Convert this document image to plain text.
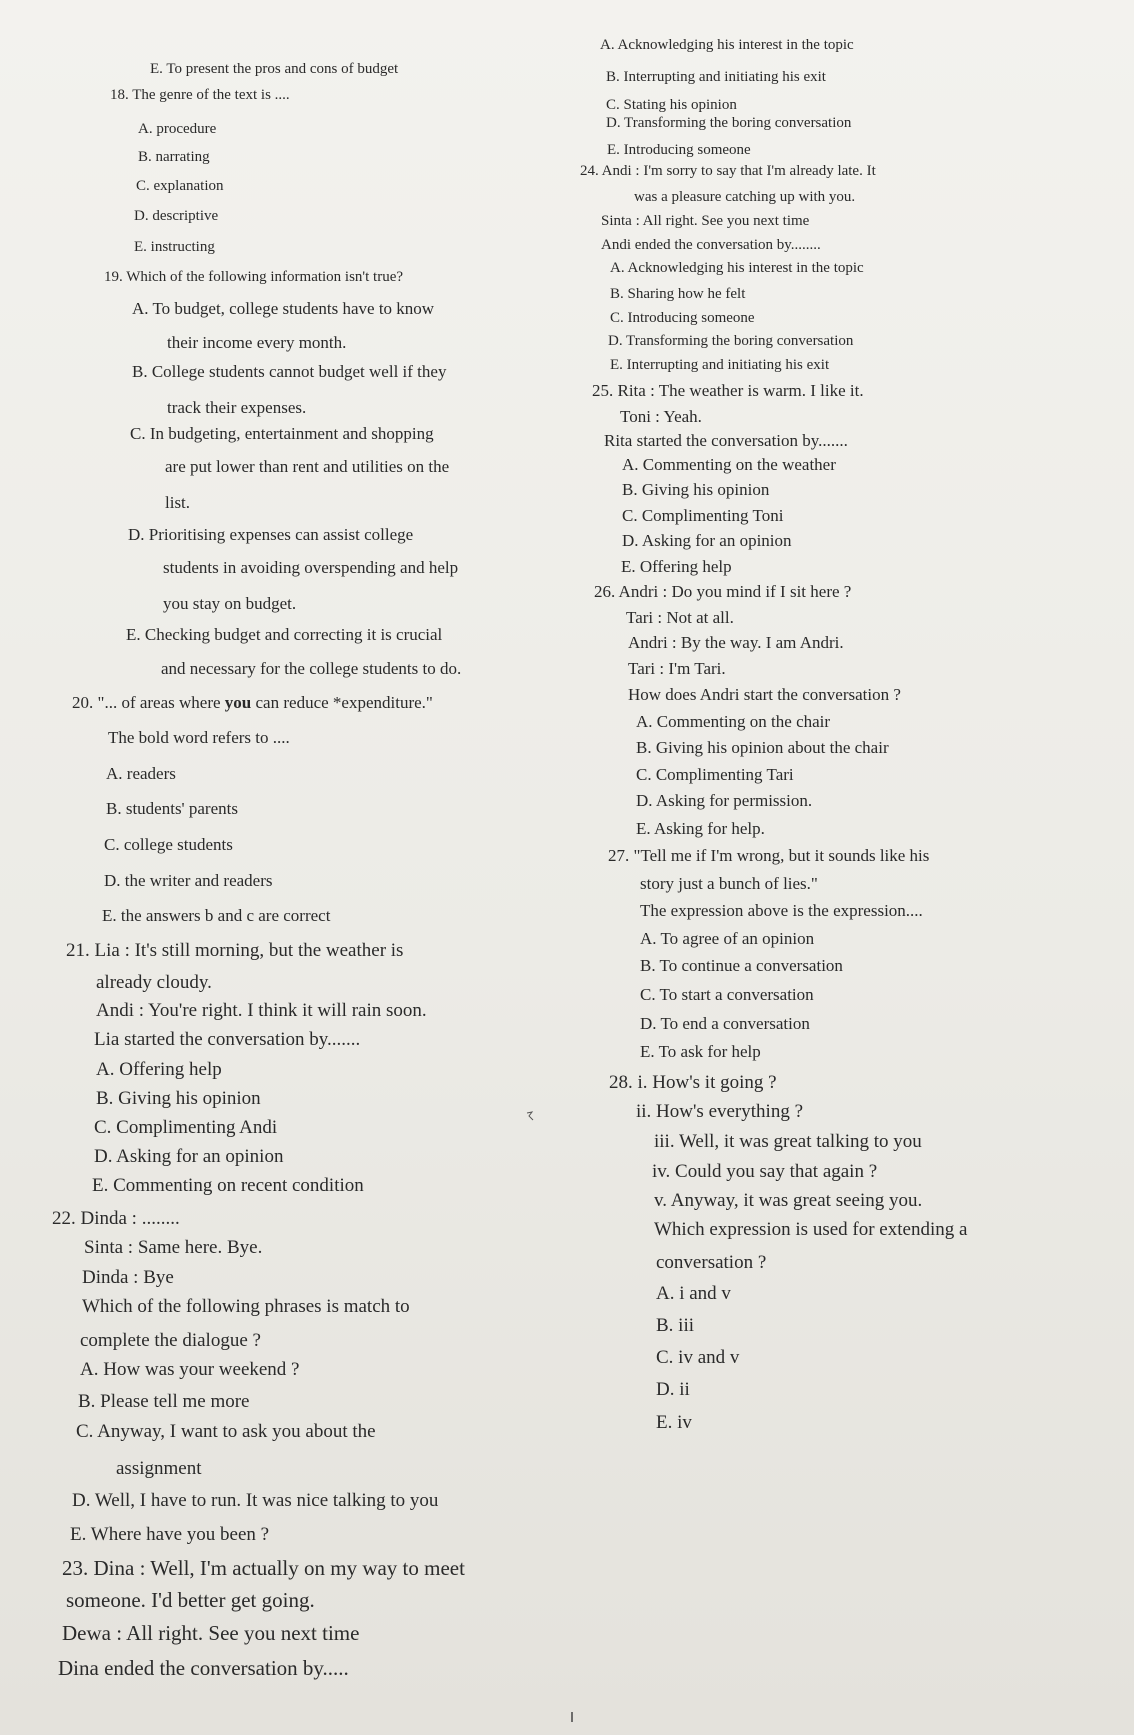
E. To present the pros and cons of budget
18. The genre of the text is ....
A. procedure
B. narrating
C. explanation
D. descriptive
E. instructing
19. Which of the following information isn't true?
A. To budget, college students have to know
their income every month.
B. College students cannot budget well if they
track their expenses.
C. In budgeting, entertainment and shopping
are put lower than rent and utilities on the
list.
D. Prioritising expenses can assist college
students in avoiding overspending and help
you stay on budget.
E. Checking budget and correcting it is crucial
and necessary for the college students to do.
20. "... of areas where you can reduce *expenditure."
The bold word refers to ....
A. readers
B. students' parents
C. college students
D. the writer and readers
E. the answers b and c are correct
21. Lia : It's still morning, but the weather is
already cloudy.
Andi : You're right. I think it will rain soon.
Lia started the conversation by.......
A. Offering help
B. Giving his opinion
C. Complimenting Andi
D. Asking for an opinion
E. Commenting on recent condition
22. Dinda : ........
Sinta : Same here. Bye.
Dinda : Bye
Which of the following phrases is match to
complete the dialogue ?
A. How was your weekend ?
B. Please tell me more
C. Anyway, I want to ask you about the
assignment
D. Well, I have to run. It was nice talking to you
E. Where have you been ?
23. Dina : Well, I'm actually on my way to meet
someone. I'd better get going.
Dewa : All right. See you next time
Dina ended the conversation by.....
A. Acknowledging his interest in the topic
B. Interrupting and initiating his exit
C. Stating his opinion
D. Transforming the boring conversation
E. Introducing someone
24. Andi : I'm sorry to say that I'm already late. It
was a pleasure catching up with you.
Sinta : All right. See you next time
Andi ended the conversation by........
A. Acknowledging his interest in the topic
B. Sharing how he felt
C. Introducing someone
D. Transforming the boring conversation
E. Interrupting and initiating his exit
25. Rita : The weather is warm. I like it.
Toni : Yeah.
Rita started the conversation by.......
A. Commenting on the weather
B. Giving his opinion
C. Complimenting Toni
D. Asking for an opinion
E. Offering help
26. Andri : Do you mind if I sit here ?
Tari : Not at all.
Andri : By the way. I am Andri.
Tari : I'm Tari.
How does Andri start the conversation ?
A. Commenting on the chair
B. Giving his opinion about the chair
C. Complimenting Tari
D. Asking for permission.
E. Asking for help.
27. "Tell me if I'm wrong, but it sounds like his
story just a bunch of lies."
The expression above is the expression....
A. To agree of an opinion
B. To continue a conversation
C. To start a conversation
D. To end a conversation
E. To ask for help
28. i. How's it going ?
ii. How's everything ?
iii. Well, it was great talking to you
iv. Could you say that again ?
v. Anyway, it was great seeing you.
Which expression is used for extending a
conversation ?
A. i and v
B. iii
C. iv and v
D. ii
E. iv
